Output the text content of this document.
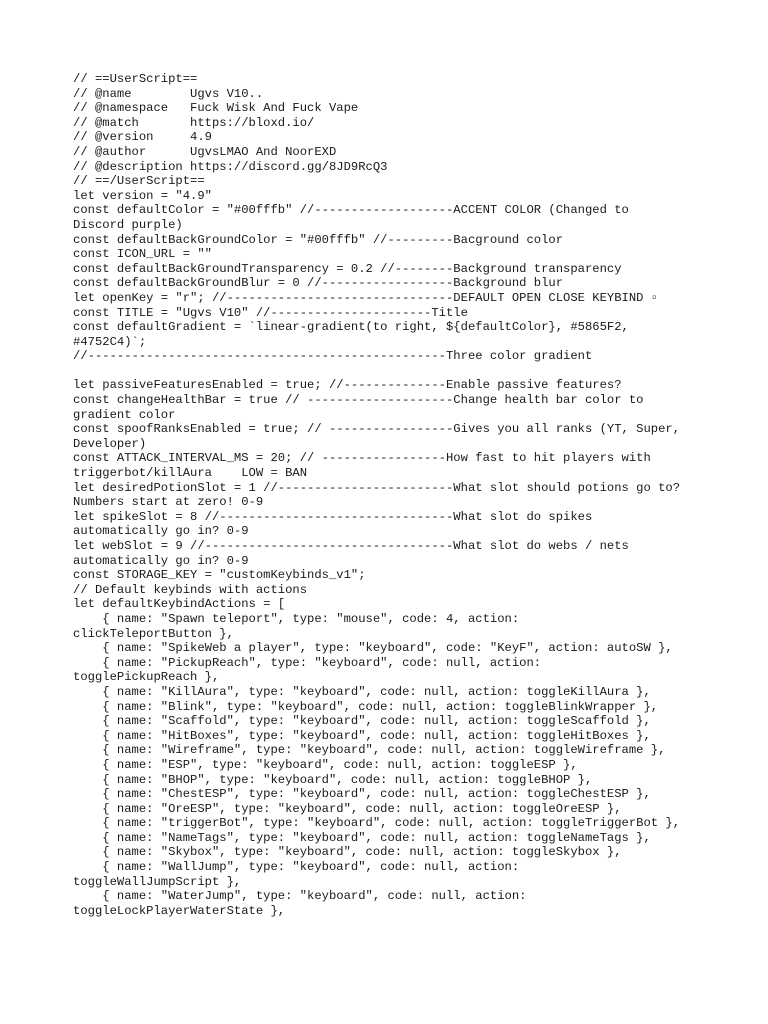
// ==UserScript==
// @name        Ugvs V10..
// @namespace   Fuck Wisk And Fuck Vape
// @match       https://bloxd.io/
// @version     4.9
// @author      UgvsLMAO And NoorEXD
// @description https://discord.gg/8JD9RcQ3
// ==/UserScript==
let version = "4.9"
const defaultColor = "#00fffb" //-------------------ACCENT COLOR (Changed to
Discord purple)
const defaultBackGroundColor = "#00fffb" //---------Bacground color
const ICON_URL = ""
const defaultBackGroundTransparency = 0.2 //--------Background transparency
const defaultBackGroundBlur = 0 //------------------Background blur
let openKey = "r"; //-------------------------------DEFAULT OPEN CLOSE KEYBIND ▫
const TITLE = "Ugvs V10" //----------------------Title
const defaultGradient = `linear-gradient(to right, ${defaultColor}, #5865F2,
#4752C4)`;
//-------------------------------------------------Three color gradient
let passiveFeaturesEnabled = true; //--------------Enable passive features?
const changeHealthBar = true // --------------------Change health bar color to
gradient color
const spoofRanksEnabled = true; // -----------------Gives you all ranks (YT, Super,
Developer)
const ATTACK_INTERVAL_MS = 20; // -----------------How fast to hit players with
triggerbot/killAura    LOW = BAN
let desiredPotionSlot = 1 //------------------------What slot should potions go to?
Numbers start at zero! 0-9
let spikeSlot = 8 //--------------------------------What slot do spikes
automatically go in? 0-9
let webSlot = 9 //----------------------------------What slot do webs / nets
automatically go in? 0-9
const STORAGE_KEY = "customKeybinds_v1";
// Default keybinds with actions
let defaultKeybindActions = [
{ name: "Spawn teleport", type: "mouse", code: 4, action:
clickTeleportButton },
{ name: "SpikeWeb a player", type: "keyboard", code: "KeyF", action: autoSW },
{ name: "PickupReach", type: "keyboard", code: null, action:
togglePickupReach },
{ name: "KillAura", type: "keyboard", code: null, action: toggleKillAura },
{ name: "Blink", type: "keyboard", code: null, action: toggleBlinkWrapper },
{ name: "Scaffold", type: "keyboard", code: null, action: toggleScaffold },
{ name: "HitBoxes", type: "keyboard", code: null, action: toggleHitBoxes },
{ name: "Wireframe", type: "keyboard", code: null, action: toggleWireframe },
{ name: "ESP", type: "keyboard", code: null, action: toggleESP },
{ name: "BHOP", type: "keyboard", code: null, action: toggleBHOP },
{ name: "ChestESP", type: "keyboard", code: null, action: toggleChestESP },
{ name: "OreESP", type: "keyboard", code: null, action: toggleOreESP },
{ name: "triggerBot", type: "keyboard", code: null, action: toggleTriggerBot },
{ name: "NameTags", type: "keyboard", code: null, action: toggleNameTags },
{ name: "Skybox", type: "keyboard", code: null, action: toggleSkybox },
{ name: "WallJump", type: "keyboard", code: null, action:
toggleWallJumpScript },
{ name: "WaterJump", type: "keyboard", code: null, action:
toggleLockPlayerWaterState },
